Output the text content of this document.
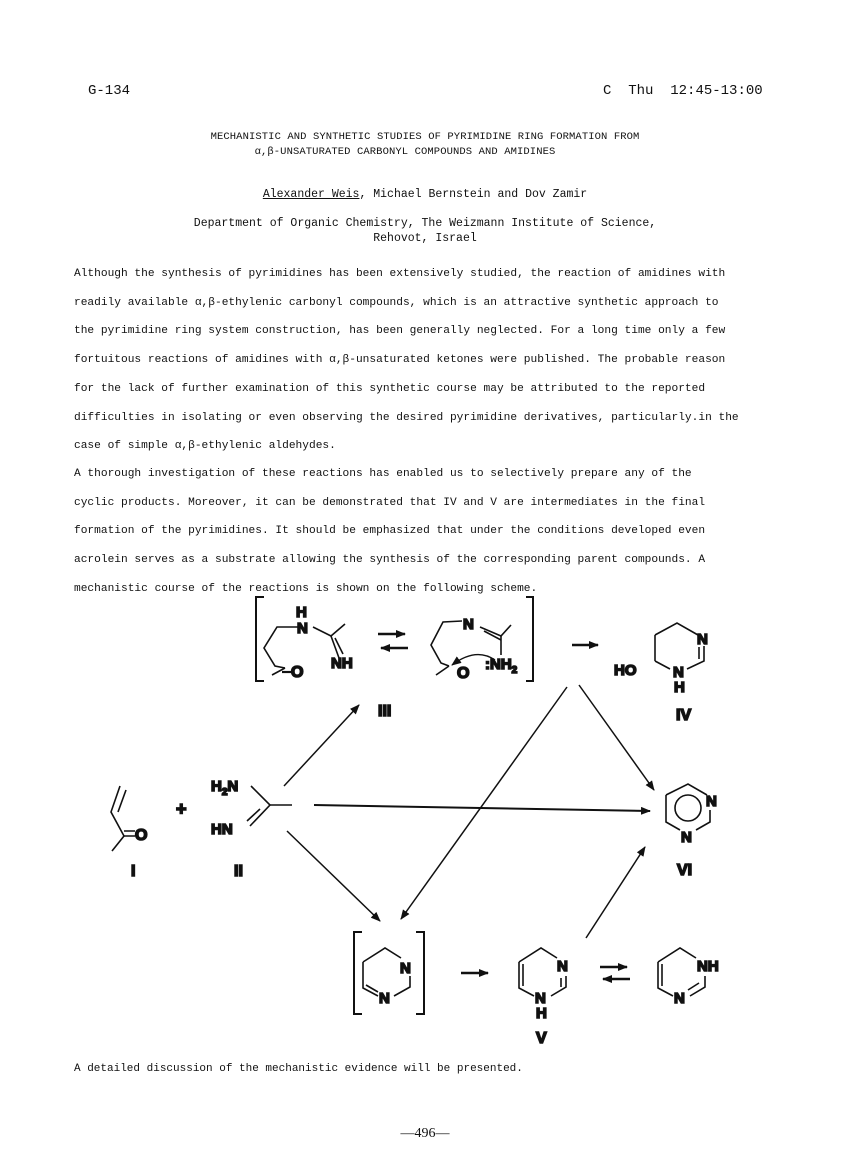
G-134	C Thu 12:45-13:00
MECHANISTIC AND SYNTHETIC STUDIES OF PYRIMIDINE RING FORMATION FROM
α,β-UNSATURATED CARBONYL COMPOUNDS AND AMIDINES
Alexander Weis, Michael Bernstein and Dov Zamir
Department of Organic Chemistry, The Weizmann Institute of Science,
Rehovot, Israel

Although the synthesis of pyrimidines has been extensively studied, the reaction of amidines with

readily available α,β-ethylenic carbonyl compounds, which is an attractive synthetic approach to

the pyrimidine ring system construction, has been generally neglected. For a long time only a few

fortuitous reactions of amidines with α,β-unsaturated ketones were published. The probable reason

for the lack of further examination of this synthetic course may be attributed to the reported

difficulties in isolating or even observing the desired pyrimidine derivatives, particularly.in the

case of simple α,β-ethylenic aldehydes.

A thorough investigation of these reactions has enabled us to selectively prepare any of the

cyclic products. Moreover, it can be demonstrated that IV and V are intermediates in the final

formation of the pyrimidines. It should be emphasized that under the conditions developed even

acrolein serves as a substrate allowing the synthesis of the corresponding parent compounds. A

mechanistic course of the reactions is shown on the following scheme.

H
N
NH
O
N
O
$:NH_2$
III
N
N
H
HO
IV
O
I
+
$H_2N$
HN
II
N
N
VI
N
N
N
N
H
V
NH
N
A detailed discussion of the mechanistic evidence will be presented.
—496—
